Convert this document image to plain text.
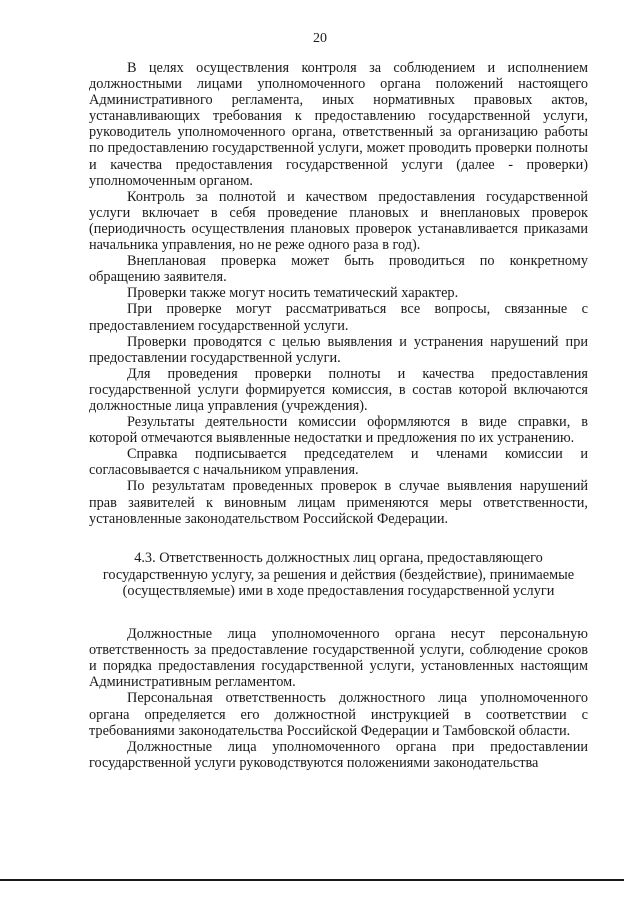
20

В целях осуществления контроля за соблюдением и исполнением должностными лицами уполномоченного органа положений настоящего Административного регламента, иных нормативных правовых актов, устанавливающих требования к предоставлению государственной услуги, руководитель уполномоченного органа, ответственный за организацию работы по предоставлению государственной услуги, может проводить проверки полноты и качества предоставления государственной услуги (далее - проверки) уполномоченным органом.

Контроль за полнотой и качеством предоставления государственной услуги включает в себя проведение плановых и внеплановых проверок (периодичность осуществления плановых проверок устанавливается приказами начальника управления, но не реже одного раза в год).

Внеплановая проверка может быть проводиться по конкретному обращению заявителя.

Проверки также могут носить тематический характер.

При проверке могут рассматриваться все вопросы, связанные с предоставлением государственной услуги.

Проверки проводятся с целью выявления и устранения нарушений при предоставлении государственной услуги.

Для проведения проверки полноты и качества предоставления государственной услуги формируется комиссия, в состав которой включаются должностные лица управления (учреждения).

Результаты деятельности комиссии оформляются в виде справки, в которой отмечаются выявленные недостатки и предложения по их устранению.

Справка подписывается председателем и членами комиссии и согласовывается с начальником управления.

По результатам проведенных проверок в случае выявления нарушений прав заявителей к виновным лицам применяются меры ответственности, установленные законодательством Российской Федерации.

4.3. Ответственность должностных лиц органа, предоставляющего
государственную услугу, за решения и действия (бездействие), принимаемые
(осуществляемые) ими в ходе предоставления государственной услуги

Должностные лица уполномоченного органа несут персональную ответственность за предоставление государственной услуги, соблюдение сроков и порядка предоставления государственной услуги, установленных настоящим Административным регламентом.

Персональная ответственность должностного лица уполномоченного органа определяется его должностной инструкцией в соответствии с требованиями законодательства Российской Федерации и Тамбовской области.

Должностные лица уполномоченного органа при предоставлении государственной услуги руководствуются положениями законодательства
